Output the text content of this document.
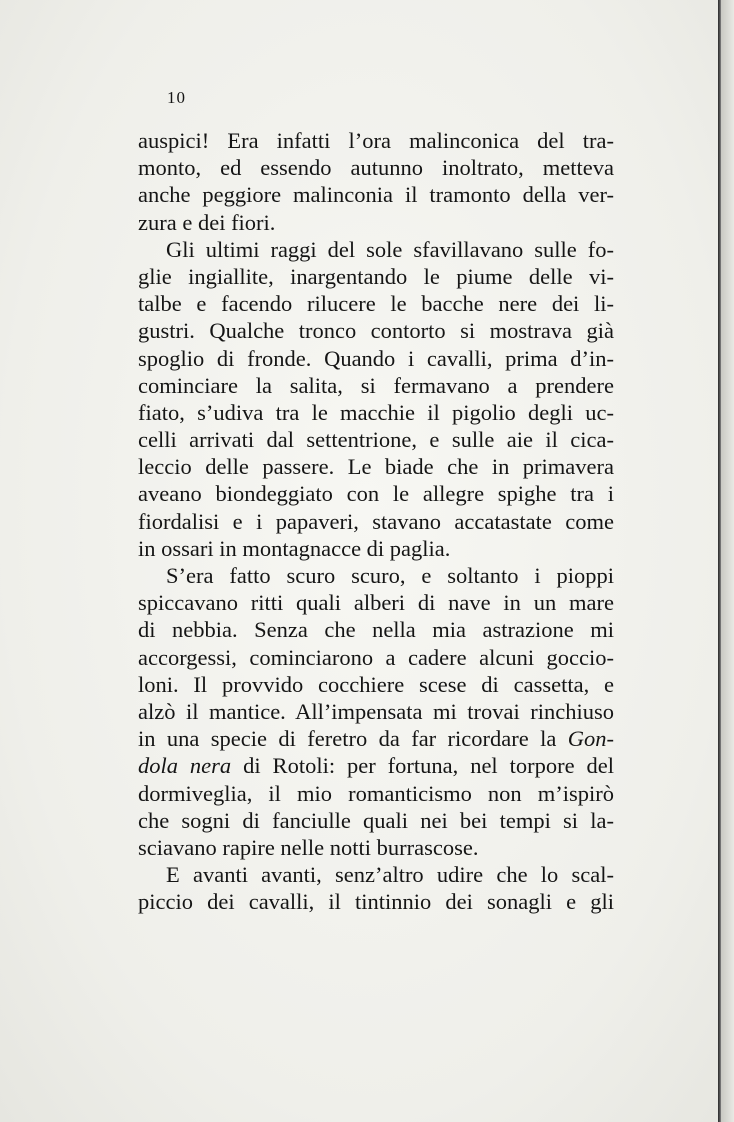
10
auspici! Era infatti l’ora malinconica del tra-
monto, ed essendo autunno inoltrato, metteva
anche peggiore malinconia il tramonto della ver-
zura e dei fiori.
Gli ultimi raggi del sole sfavillavano sulle fo-
glie ingiallite, inargentando le piume delle vi-
talbe e facendo rilucere le bacche nere dei li-
gustri. Qualche tronco contorto si mostrava già
spoglio di fronde. Quando i cavalli, prima d’in-
cominciare la salita, si fermavano a prendere
fiato, s’udiva tra le macchie il pigolio degli uc-
celli arrivati dal settentrione, e sulle aie il cica-
leccio delle passere. Le biade che in primavera
aveano biondeggiato con le allegre spighe tra i
fiordalisi e i papaveri, stavano accatastate come
in ossari in montagnacce di paglia.
S’era fatto scuro scuro, e soltanto i pioppi
spiccavano ritti quali alberi di nave in un mare
di nebbia. Senza che nella mia astrazione mi
accorgessi, cominciarono a cadere alcuni goccio-
loni. Il provvido cocchiere scese di cassetta, e
alzò il mantice. All’impensata mi trovai rinchiuso
in una specie di feretro da far ricordare la Gon-
dola nera di Rotoli: per fortuna, nel torpore del
dormiveglia, il mio romanticismo non m’ispirò
che sogni di fanciulle quali nei bei tempi si la-
sciavano rapire nelle notti burrascose.
E avanti avanti, senz’altro udire che lo scal-
piccio dei cavalli, il tintinnio dei sonagli e gli
